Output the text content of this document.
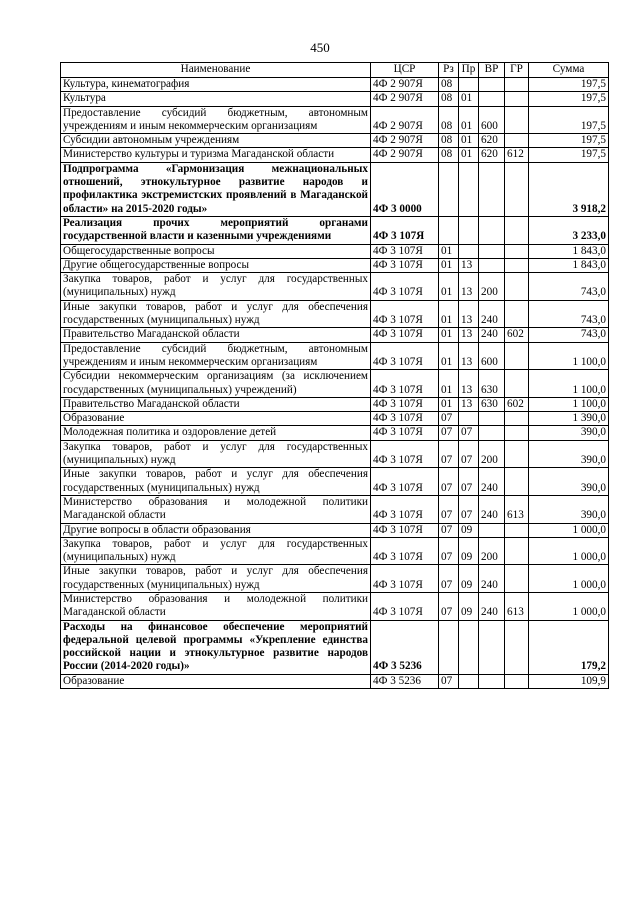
450
Наименование	ЦСР	Рз	Пр	ВР	ГР	Сумма
Культура, кинематография	4Ф 2 907Я	08				197,5
Культура	4Ф 2 907Я	08	01			197,5
Предоставление субсидий бюджетным, автономным учреждениям и иным некоммерческим организациям	4Ф 2 907Я	08	01	600		197,5
Субсидии автономным учреждениям	4Ф 2 907Я	08	01	620		197,5
Министерство культуры и туризма Магаданской области	4Ф 2 907Я	08	01	620	612	197,5
Подпрограмма «Гармонизация межнациональных отношений, этнокультурное развитие народов и профилактика экстремистских проявлений в Магаданской области» на 2015-2020 годы»	4Ф 3 0000					3 918,2
Реализация прочих мероприятий органами государственной власти и казенными учреждениями	4Ф 3 107Я					3 233,0
Общегосударственные вопросы	4Ф 3 107Я	01				1 843,0
Другие общегосударственные вопросы	4Ф 3 107Я	01	13			1 843,0
Закупка товаров, работ и услуг для государственных (муниципальных) нужд	4Ф 3 107Я	01	13	200		743,0
Иные закупки товаров, работ и услуг для обеспечения государственных (муниципальных) нужд	4Ф 3 107Я	01	13	240		743,0
Правительство Магаданской области	4Ф 3 107Я	01	13	240	602	743,0
Предоставление субсидий бюджетным, автономным учреждениям и иным некоммерческим организациям	4Ф 3 107Я	01	13	600		1 100,0
Субсидии некоммерческим организациям (за исключением государственных (муниципальных) учреждений)	4Ф 3 107Я	01	13	630		1 100,0
Правительство Магаданской области	4Ф 3 107Я	01	13	630	602	1 100,0
Образование	4Ф 3 107Я	07				1 390,0
Молодежная политика и оздоровление детей	4Ф 3 107Я	07	07			390,0
Закупка товаров, работ и услуг для государственных (муниципальных) нужд	4Ф 3 107Я	07	07	200		390,0
Иные закупки товаров, работ и услуг для обеспечения государственных (муниципальных) нужд	4Ф 3 107Я	07	07	240		390,0
Министерство образования и молодежной политики Магаданской области	4Ф 3 107Я	07	07	240	613	390,0
Другие вопросы в области образования	4Ф 3 107Я	07	09			1 000,0
Закупка товаров, работ и услуг для государственных (муниципальных) нужд	4Ф 3 107Я	07	09	200		1 000,0
Иные закупки товаров, работ и услуг для обеспечения государственных (муниципальных) нужд	4Ф 3 107Я	07	09	240		1 000,0
Министерство образования и молодежной политики Магаданской области	4Ф 3 107Я	07	09	240	613	1 000,0
Расходы на финансовое обеспечение мероприятий федеральной целевой программы «Укрепление единства российской нации и этнокультурное развитие народов России (2014-2020 годы)»	4Ф 3 5236					179,2
Образование	4Ф 3 5236	07				109,9
